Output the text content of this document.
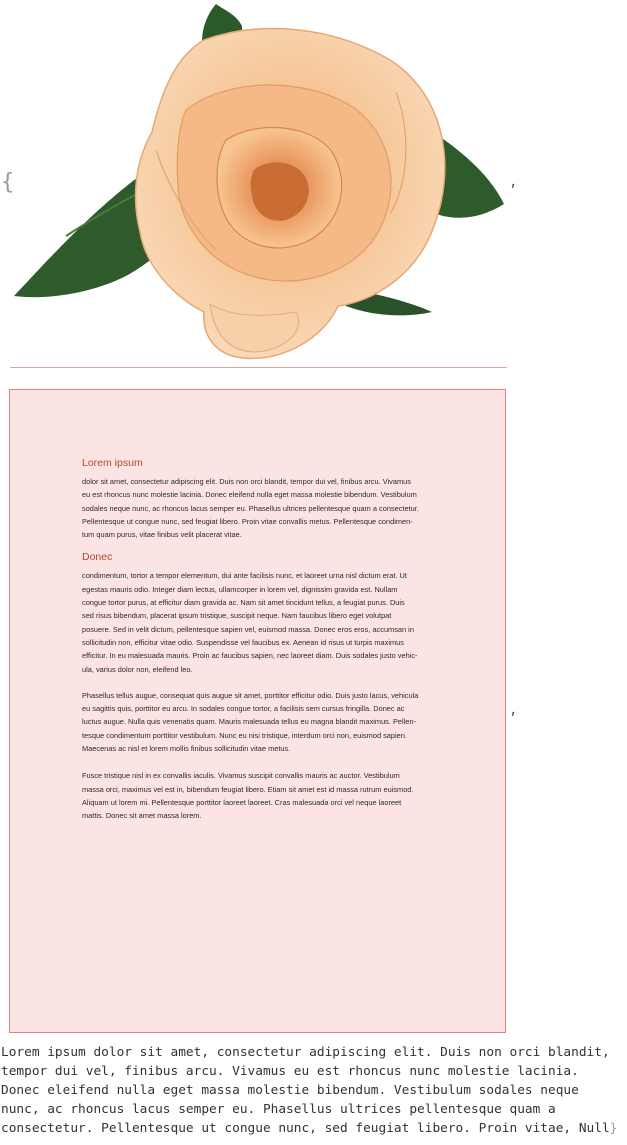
{	,
Lorem ipsum

dolor sit amet, consectetur adipiscing elit. Duis non orci blandit, tempor dui vel, finibus arcu. Vivamus
eu est rhoncus nunc molestie lacinia. Donec eleifend nulla eget massa molestie bibendum. Vestibulum
sodales neque nunc, ac rhoncus lacus semper eu. Phasellus ultrices pellentesque quam a consectetur.
Pellentesque ut congue nunc, sed feugiat libero. Proin vitae convallis metus. Pellentesque condimen-
tum quam purus, vitae finibus velit placerat vitae.

Donec

condimentum, tortor a tempor elementum, dui ante facilisis nunc, et laoreet urna nisl dictum erat. Ut
egestas mauris odio. Integer diam lectus, ullamcorper in lorem vel, dignissim gravida est. Nullam
congue tortor purus, at efficitur diam gravida ac. Nam sit amet tincidunt tellus, a feugiat purus. Duis
sed risus bibendum, placerat ipsum tristique, suscipit neque. Nam faucibus libero eget volutpat
posuere. Sed in velit dictum, pellentesque sapien vel, euismod massa. Donec eros eros, accumsan in
sollicitudin non, efficitur vitae odio. Suspendisse vel faucibus ex. Aenean id risus ut turpis maximus
efficitur. In eu malesuada mauris. Proin ac faucibus sapien, nec laoreet diam. Duis sodales justo vehic-
ula, varius dolor non, eleifend leo.

Phasellus tellus augue, consequat quis augue sit amet, porttitor efficitur odio. Duis justo lacus, vehicula
eu sagittis quis, porttitor eu arcu. In sodales congue tortor, a facilisis sem cursus fringilla. Donec ac
luctus augue. Nulla quis venenatis quam. Mauris malesuada tellus eu magna blandit maximus. Pellen-
tesque condimentum porttitor vestibulum. Nunc eu nisi tristique, interdum orci non, euismod sapien.
Maecenas ac nisl et lorem mollis finibus sollicitudin vitae metus.

Fusce tristique nisl in ex convallis iaculis. Vivamus suscipit convallis mauris ac auctor. Vestibulum
massa orci, maximus vel est in, bibendum feugiat libero. Etiam sit amet est id massa rutrum euismod.
Aliquam ut lorem mi. Pellentesque porttitor laoreet laoreet. Cras malesuada orci vel neque laoreet
mattis. Donec sit amet massa lorem.

,
Lorem ipsum dolor sit amet, consectetur adipiscing elit. Duis non orci blandit,
tempor dui vel, finibus arcu. Vivamus eu est rhoncus nunc molestie lacinia.
Donec eleifend nulla eget massa molestie bibendum. Vestibulum sodales neque
nunc, ac rhoncus lacus semper eu. Phasellus ultrices pellentesque quam a
consectetur. Pellentesque ut congue nunc, sed feugiat libero. Proin vitae, Null}
